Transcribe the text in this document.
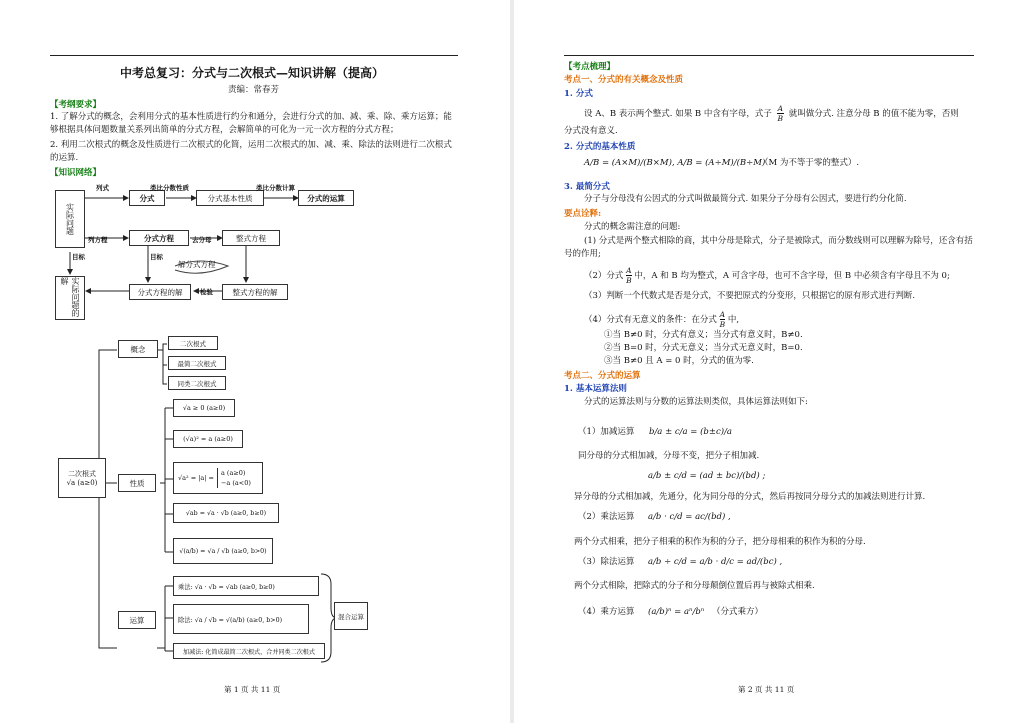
中考总复习：分式与二次根式—知识讲解（提高）
责编：常春芳
【考纲要求】
1. 了解分式的概念，会利用分式的基本性质进行约分和通分，会进行分式的加、减、乘、除、乘方运算；能够根据具体问题数量关系列出简单的分式方程，会解简单的可化为一元一次方程的分式方程；
2. 利用二次根式的概念及性质进行二次根式的化简，运用二次根式的加、减、乘、除法的法则进行二次根式的运算.
【知识网络】
实际问题
分式	分式基本性质	分式的运算
分式方程	整式方程
分式方程的解	整式方程的解
实际问题的解
解分式方程
列式	类比分数性质	类比分数计算
列方程	去分母
目标	目标
检验
二次根式
√a (a≥0)
概念
二次根式
最简二次根式
同类二次根式
性质
√a ≥ 0 (a≥0)
(√a)² = a (a≥0)
√a² = |a| =
a (a≥0)
−a (a<0)
√ab = √a · √b (a≥0, b≥0)
√(a/b) = √a / √b (a≥0, b>0)
运算
乘法: √a · √b = √ab (a≥0, b≥0)
除法: √a / √b = √(a/b) (a≥0, b>0)
加减法: 化简成最简二次根式，合并同类二次根式
混合运算
第 1 页 共 11 页
【考点梳理】
考点一、分式的有关概念及性质
1. 分式
设 A、B 表示两个整式. 如果 B 中含有字母，式子 $\frac{A}{B}$ 就叫做分式. 注意分母 B 的值不能为零，否则
分式没有意义.
2. 分式的基本性质
A/B = (A×M)/(B×M), A/B = (A÷M)/(B÷M)
（M 为不等于零的整式）.
3. 最简分式
分子与分母没有公因式的分式叫做最简分式. 如果分子分母有公因式，要进行约分化简.
要点诠释:
分式的概念需注意的问题:
(1) 分式是两个整式相除的商，其中分母是除式，分子是被除式，而分数线则可以理解为除号，还含有括号的作用;
（2）分式 $\frac{A}{B}$ 中，A 和 B 均为整式，A 可含字母，也可不含字母，但 B 中必须含有字母且不为 0;
（3）判断一个代数式是否是分式，不要把原式约分变形，只根据它的原有形式进行判断.
（4）分式有无意义的条件：在分式 $\frac{A}{B}$ 中,
①当 B≠0 时，分式有意义；当分式有意义时，B≠0.
②当 B=0 时，分式无意义；当分式无意义时，B=0.
③当 B≠0 且 A = 0 时，分式的值为零.
考点二、分式的运算
1. 基本运算法则
分式的运算法则与分数的运算法则类似，具体运算法则如下:
（1）加减运算 b/a ± c/a = (b±c)/a
同分母的分式相加减，分母不变，把分子相加减.
a/b ± c/d = (ad ± bc)/(bd) ;
异分母的分式相加减，先通分，化为同分母的分式，然后再按同分母分式的加减法则进行计算.
（2）乘法运算 a/b · c/d = ac/(bd) ,
两个分式相乘，把分子相乘的积作为积的分子，把分母相乘的积作为积的分母.
（3）除法运算 a/b ÷ c/d = a/b · d/c = ad/(bc) ,
两个分式相除，把除式的分子和分母颠倒位置后再与被除式相乘.
（4）乘方运算 (a/b)ⁿ = aⁿ/bⁿ （分式乘方）
第 2 页 共 11 页
